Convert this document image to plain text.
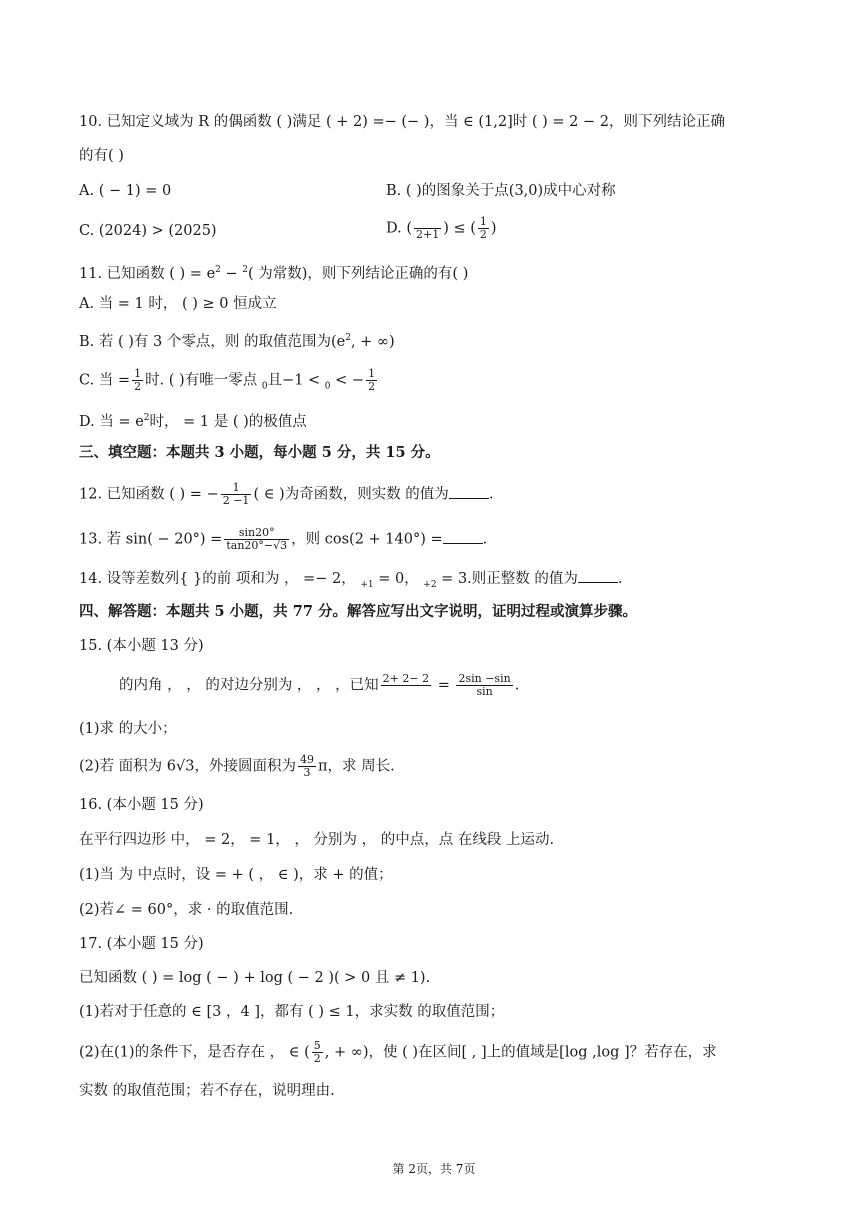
10. 已知定义域为 R 的偶函数 ( )满足 ( + 2) =− (− )，当 ∈ (1,2]时 ( ) = 2 − 2，则下列结论正确
的有( )
A. ( − 1) = 0	B. ( )的图象关于点(3,0)成中心对称
C. (2024) > (2025)	D. (
2+1 ) ≤ ( $\frac{1}{2}$ )
11. 已知函数 ( ) = $e^2 - ^2$( 为常数)，则下列结论正确的有( )
A. 当 = 1 时， ( ) ≥ 0 恒成立
B. 若 ( )有 3 个零点，则 的取值范围为($e^2$, + ∞)
C. 当 = $\frac{1}{2}$ 时. ( )有唯一零点 $_0$且−1 < $_0$ < − $\frac{1}{2}$
D. 当 = $e^2$时， = 1 是 ( )的极值点
三、填空题：本题共 3 小题，每小题 5 分，共 15 分。
12. 已知函数 ( ) = − $\frac{1}{2 -1}$ ( ∈ )为奇函数，则实数 的值为	.
13. 若 $\sin( - 20^\circ) = \frac{\sin 20^\circ}{\tan 20^\circ-√3}$ ，则 cos(2 + 140°) =	.
14. 设等差数列{ }的前 项和为 ， =− 2， $_{+1}$ = 0， $_{+2}$ = 3.则正整数 的值为	.
四、解答题：本题共 5 小题，共 77 分。解答应写出文字说明，证明过程或演算步骤。
15. (本小题 13 分)
的内角 ， ， 的对边分别为 ， ， ，已知 2+ 2− 2
= $\frac{2\sin -\sin}{\sin}$ .
(1)求 的大小；
(2)若 面积为 6√3，外接圆面积为 $\frac{49}{3}$ π，求 周长.
16. (本小题 15 分)
在平行四边形 中， = 2， = 1， ， 分别为 ， 的中点，点 在线段 上运动.
(1)当 为 中点时，设 = + ( ， ∈ )，求 + 的值；
(2)若∠ = 60°，求 · 的取值范围.
17. (本小题 15 分)
已知函数 ( ) = log ( − ) + log ( − 2 )( > 0 且 ≠ 1).
(1)若对于任意的 ∈ [3 ，4 ]，都有 ( ) ≤ 1，求实数 的取值范围；
(2)在(1)的条件下，是否存在 ， ∈ ( $\frac{5}{2}$ , + ∞)，使 ( )在区间[ , ]上的值域是[log ,log ]？若存在，求
实数 的取值范围；若不存在，说明理由.
第 2页，共 7页
